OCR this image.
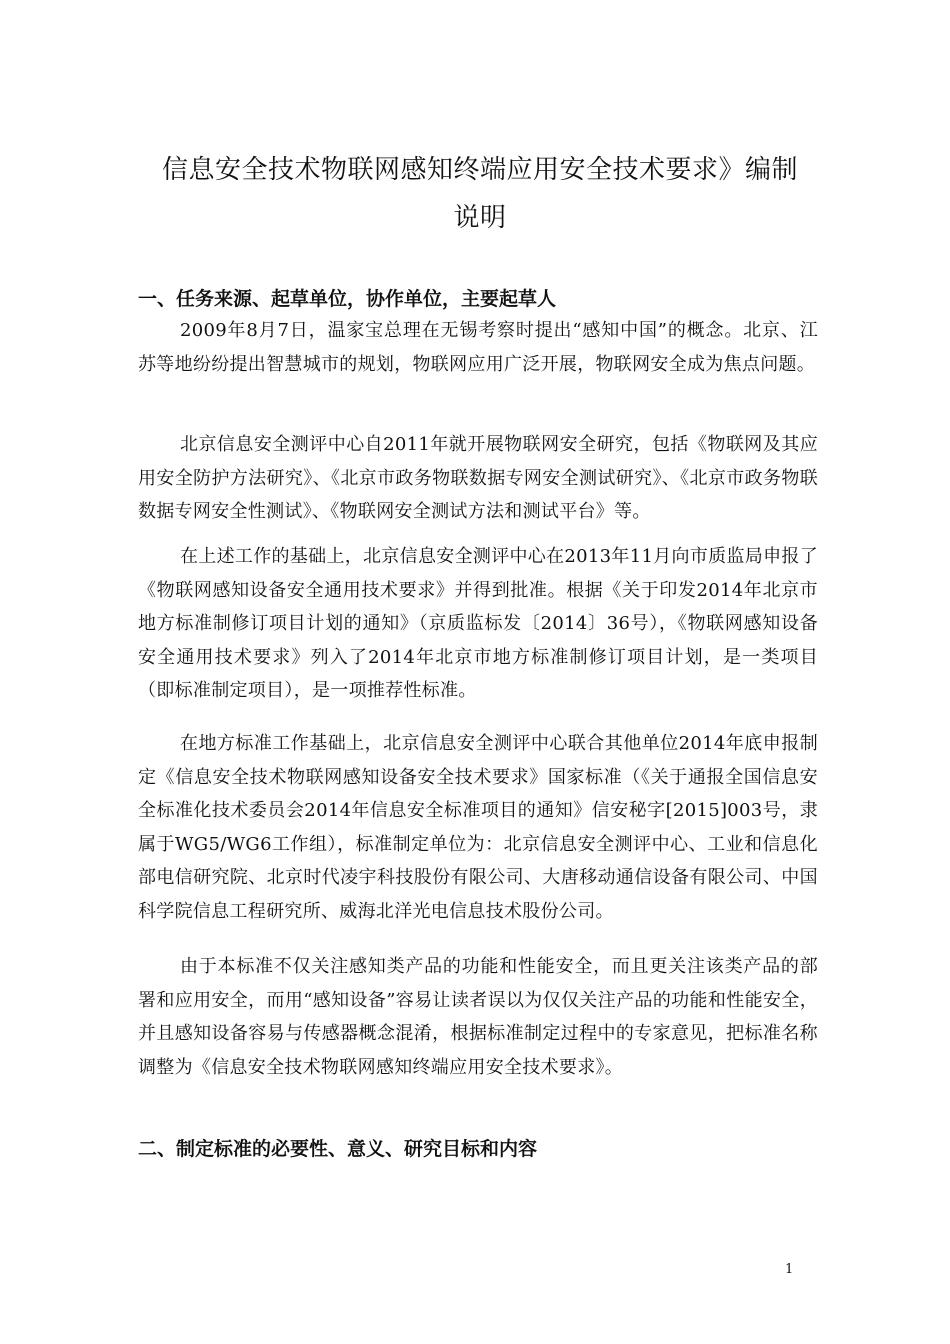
信息安全技术物联网感知终端应用安全技术要求》编制
说明
一、任务来源、起草单位，协作单位，主要起草人

2009年8月7日，温家宝总理在无锡考察时提出“感知中国”的概念。北京、江苏等地纷纷提出智慧城市的规划，物联网应用广泛开展，物联网安全成为焦点问题。

北京信息安全测评中心自2011年就开展物联网安全研究，包括《物联网及其应用安全防护方法研究》、《北京市政务物联数据专网安全测试研究》、《北京市政务物联数据专网安全性测试》、《物联网安全测试方法和测试平台》等。

在上述工作的基础上，北京信息安全测评中心在2013年11月向市质监局申报了《物联网感知设备安全通用技术要求》并得到批准。根据《关于印发2014年北京市地方标准制修订项目计划的通知》（京质监标发〔2014〕36号），《物联网感知设备安全通用技术要求》列入了2014年北京市地方标准制修订项目计划，是一类项目（即标准制定项目），是一项推荐性标准。

在地方标准工作基础上，北京信息安全测评中心联合其他单位2014年底申报制定《信息安全技术物联网感知设备安全技术要求》国家标准（《关于通报全国信息安全标准化技术委员会2014年信息安全标准项目的通知》信安秘字[2015]003号，隶属于WG5/WG6工作组），标准制定单位为：北京信息安全测评中心、工业和信息化部电信研究院、北京时代凌宇科技股份有限公司、大唐移动通信设备有限公司、中国科学院信息工程研究所、威海北洋光电信息技术股份公司。

由于本标准不仅关注感知类产品的功能和性能安全，而且更关注该类产品的部署和应用安全，而用“感知设备”容易让读者误以为仅仅关注产品的功能和性能安全，并且感知设备容易与传感器概念混淆，根据标准制定过程中的专家意见，把标准名称调整为《信息安全技术物联网感知终端应用安全技术要求》。

二、制定标准的必要性、意义、研究目标和内容
1
